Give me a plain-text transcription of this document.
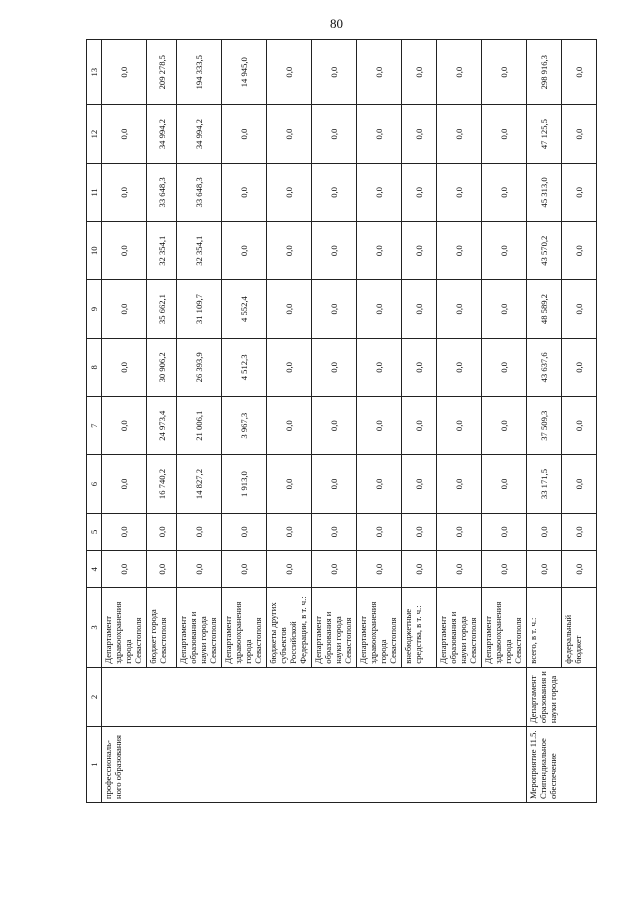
80
1	2	3	4	5	6	7	8	9	10	11	12	13
профессиональ-ного образования		Департамент здравоохранения города Севастополя	0,0	0,0	0,0	0,0	0,0	0,0	0,0	0,0	0,0	0,0
		бюджет города Севастополя	0,0	0,0	16 740,2	24 973,4	30 906,2	35 662,1	32 354,1	33 648,3	34 994,2	209 278,5
		Департамент образования и науки города Севастополя	0,0	0,0	14 827,2	21 006,1	26 393,9	31 109,7	32 354,1	33 648,3	34 994,2	194 333,5
		Департамент здравоохранения города Севастополя	0,0	0,0	1 913,0	3 967,3	4 512,3	4 552,4	0,0	0,0	0,0	14 945,0
		бюджеты других субъектов Российской Федерации, в т. ч.:	0,0	0,0	0,0	0,0	0,0	0,0	0,0	0,0	0,0	0,0
		Департамент образования и науки города Севастополя	0,0	0,0	0,0	0,0	0,0	0,0	0,0	0,0	0,0	0,0
		Департамент здравоохранения города Севастополя	0,0	0,0	0,0	0,0	0,0	0,0	0,0	0,0	0,0	0,0
		внебюджетные средства, в т. ч.:	0,0	0,0	0,0	0,0	0,0	0,0	0,0	0,0	0,0	0,0
		Департамент образования и науки города Севастополя	0,0	0,0	0,0	0,0	0,0	0,0	0,0	0,0	0,0	0,0
		Департамент здравоохранения города Севастополя	0,0	0,0	0,0	0,0	0,0	0,0	0,0	0,0	0,0	0,0
Мероприятие 11.5. Стипендиальное обеспечение	Департамент образования и науки города	всего, в т. ч.:	0,0	0,0	33 171,5	37 509,3	43 637,6	48 589,2	43 570,2	45 313,0	47 125,5	298 916,3
		федеральный бюджет	0,0	0,0	0,0	0,0	0,0	0,0	0,0	0,0	0,0	0,0
